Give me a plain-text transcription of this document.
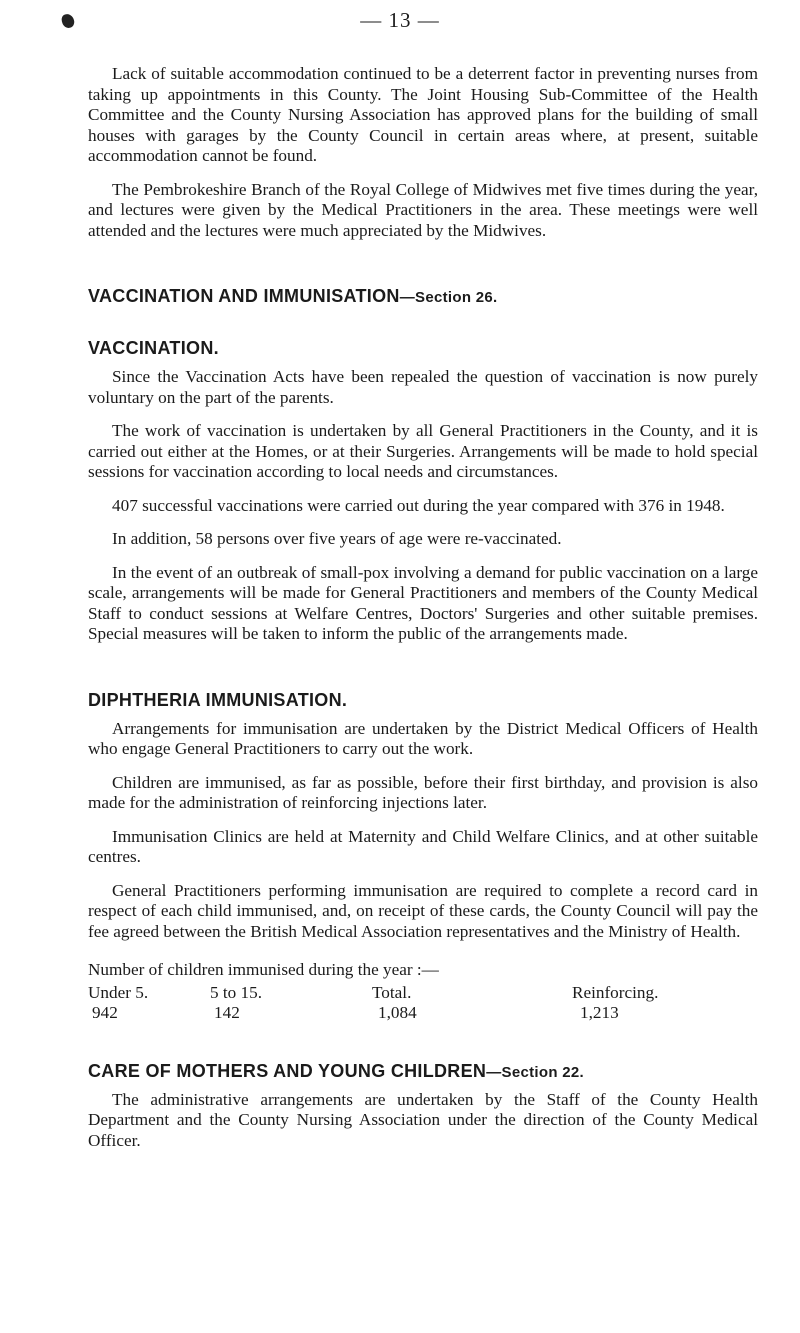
— 13 —

Lack of suitable accommodation continued to be a deterrent factor in preventing nurses from taking up appointments in this County. The Joint Housing Sub-Committee of the Health Committee and the County Nursing Association has approved plans for the building of small houses with garages by the County Council in certain areas where, at present, suitable accommodation cannot be found.

The Pembrokeshire Branch of the Royal College of Midwives met five times during the year, and lectures were given by the Medical Practitioners in the area. These meetings were well attended and the lectures were much appreciated by the Midwives.

VACCINATION AND IMMUNISATION—Section 26.
VACCINATION.

Since the Vaccination Acts have been repealed the question of vaccination is now purely voluntary on the part of the parents.

The work of vaccination is undertaken by all General Practitioners in the County, and it is carried out either at the Homes, or at their Surgeries. Arrangements will be made to hold special sessions for vaccination according to local needs and circumstances.

407 successful vaccinations were carried out during the year compared with 376 in 1948.

In addition, 58 persons over five years of age were re-vaccinated.

In the event of an outbreak of small-pox involving a demand for public vaccination on a large scale, arrangements will be made for General Practitioners and members of the County Medical Staff to conduct sessions at Welfare Centres, Doctors' Surgeries and other suitable premises. Special measures will be taken to inform the public of the arrangements made.

DIPHTHERIA IMMUNISATION.

Arrangements for immunisation are undertaken by the District Medical Officers of Health who engage General Practitioners to carry out the work.

Children are immunised, as far as possible, before their first birthday, and provision is also made for the administration of reinforcing injections later.

Immunisation Clinics are held at Maternity and Child Welfare Clinics, and at other suitable centres.

General Practitioners performing immunisation are required to complete a record card in respect of each child immunised, and, on receipt of these cards, the County Council will pay the fee agreed between the British Medical Association representatives and the Ministry of Health.

Number of children immunised during the year :—

Under 5.
942
5 to 15.
142
Total.
1,084
Reinforcing.
1,213
CARE OF MOTHERS AND YOUNG CHILDREN—Section 22.

The administrative arrangements are undertaken by the Staff of the County Health Department and the County Nursing Association under the direction of the County Medical Officer.
